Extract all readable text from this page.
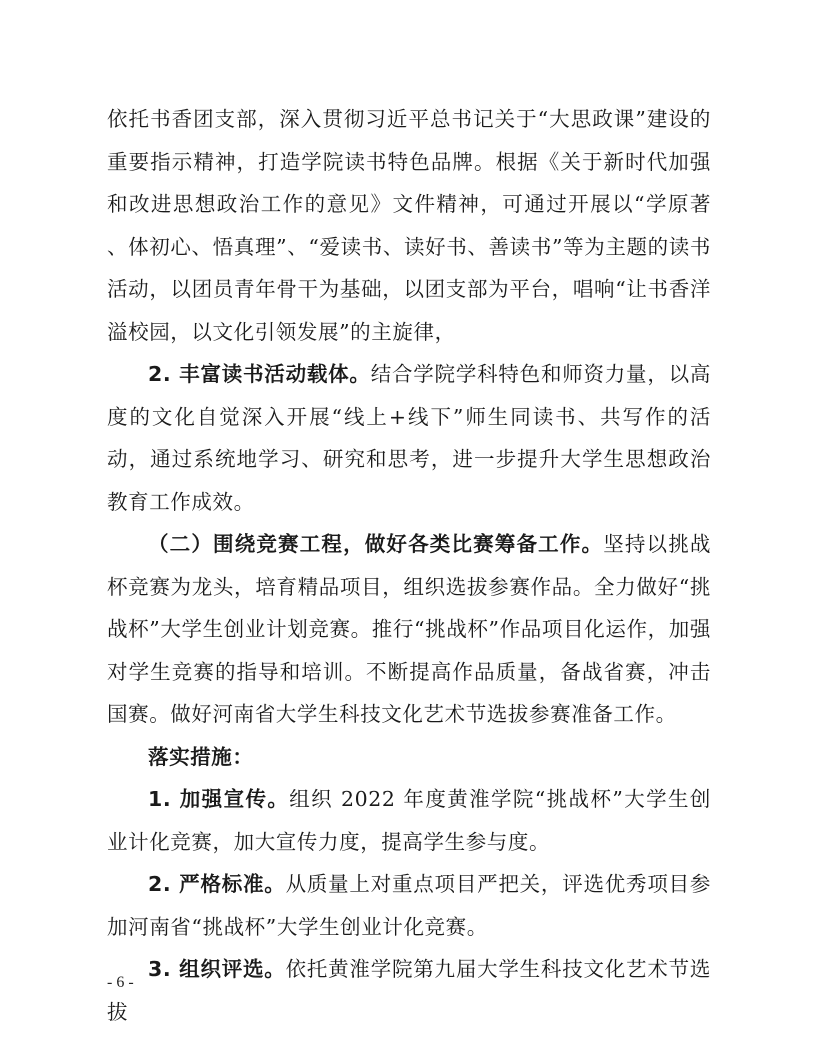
依托书香团支部，深入贯彻习近平总书记关于“大思政课”建设的重要指示精神，打造学院读书特色品牌。根据《关于新时代加强和改进思想政治工作的意见》文件精神，可通过开展以“学原著 、体初心、悟真理”、“爱读书、读好书、善读书”等为主题的读书活动，以团员青年骨干为基础，以团支部为平台，唱响“让书香洋溢校园，以文化引领发展”的主旋律，

2. 丰富读书活动载体。结合学院学科特色和师资力量，以高度的文化自觉深入开展“线上+线下”师生同读书、共写作的活动，通过系统地学习、研究和思考，进一步提升大学生思想政治教育工作成效。

（二）围绕竞赛工程，做好各类比赛筹备工作。坚持以挑战杯竞赛为龙头，培育精品项目，组织选拔参赛作品。全力做好“挑战杯”大学生创业计划竞赛。推行“挑战杯”作品项目化运作，加强对学生竞赛的指导和培训。不断提高作品质量，备战省赛，冲击国赛。做好河南省大学生科技文化艺术节选拔参赛准备工作。

落实措施：

1. 加强宣传。组织 2022 年度黄淮学院“挑战杯”大学生创业计化竞赛，加大宣传力度，提高学生参与度。

2. 严格标准。从质量上对重点项目严把关，评选优秀项目参加河南省“挑战杯”大学生创业计化竞赛。

3. 组织评选。依托黄淮学院第九届大学生科技文化艺术节选拔

- 6 -
